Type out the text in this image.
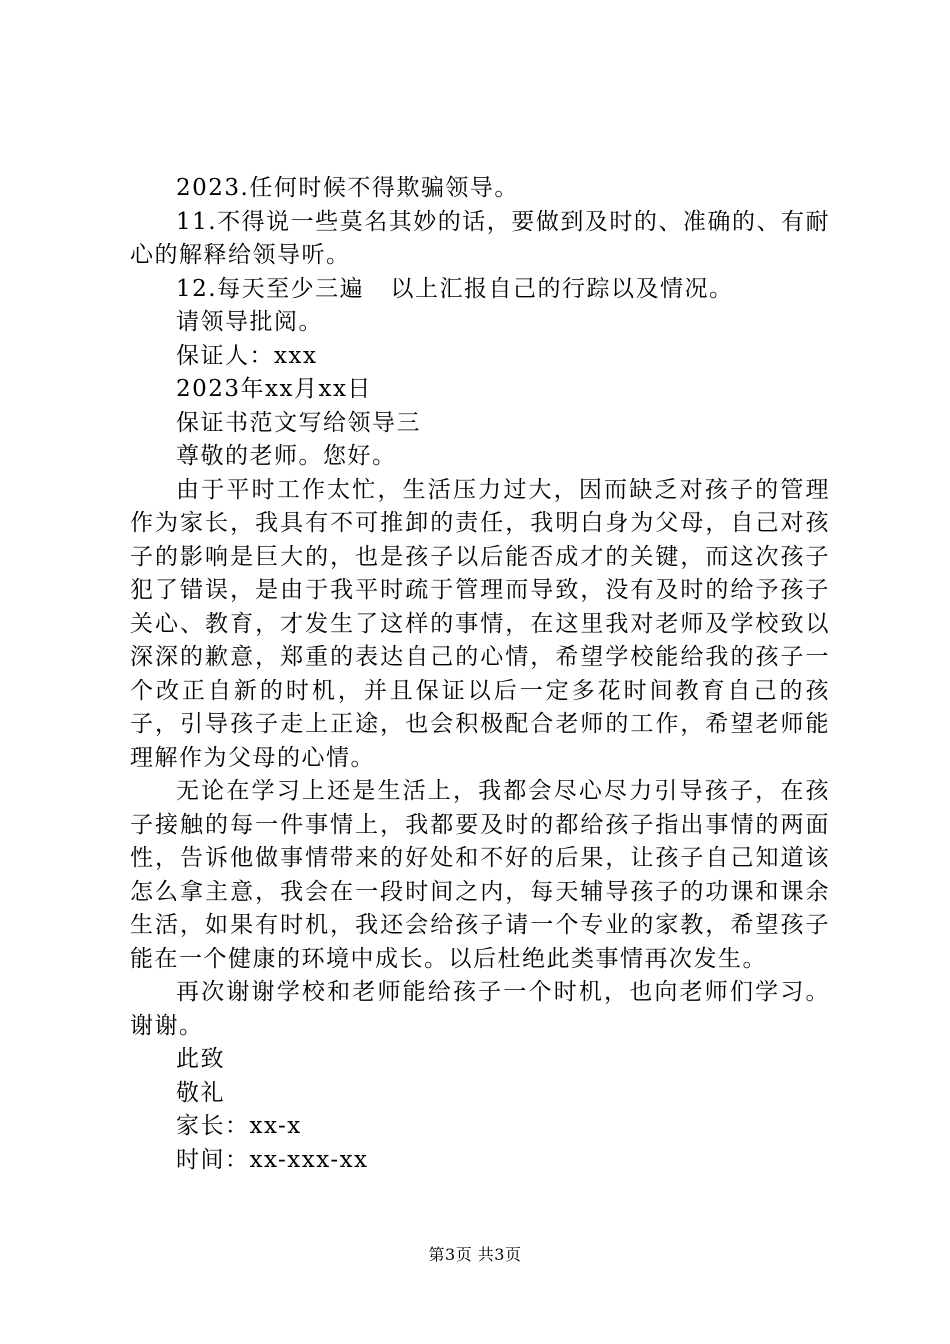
2023.任何时候不得欺骗领导。

11.不得说一些莫名其妙的话，要做到及时的、准确的、有耐心的解释给领导听。

12.每天至少三遍   以上汇报自己的行踪以及情况。

请领导批阅。

保证人：xxx

2023年xx月xx日

保证书范文写给领导三

尊敬的老师。您好。

由于平时工作太忙，生活压力过大，因而缺乏对孩子的管理作为家长，我具有不可推卸的责任，我明白身为父母，自己对孩子的影响是巨大的，也是孩子以后能否成才的关键，而这次孩子犯了错误，是由于我平时疏于管理而导致，没有及时的给予孩子关心、教育，才发生了这样的事情，在这里我对老师及学校致以深深的歉意，郑重的表达自己的心情，希望学校能给我的孩子一个改正自新的时机，并且保证以后一定多花时间教育自己的孩子，引导孩子走上正途，也会积极配合老师的工作，希望老师能理解作为父母的心情。

无论在学习上还是生活上，我都会尽心尽力引导孩子，在孩子接触的每一件事情上，我都要及时的都给孩子指出事情的两面性，告诉他做事情带来的好处和不好的后果，让孩子自己知道该怎么拿主意，我会在一段时间之内，每天辅导孩子的功课和课余生活，如果有时机，我还会给孩子请一个专业的家教，希望孩子能在一个健康的环境中成长。以后杜绝此类事情再次发生。

再次谢谢学校和老师能给孩子一个时机，也向老师们学习。谢谢。

此致

敬礼

家长：xx-x

时间：xx-xxx-xx

第3页 共3页
